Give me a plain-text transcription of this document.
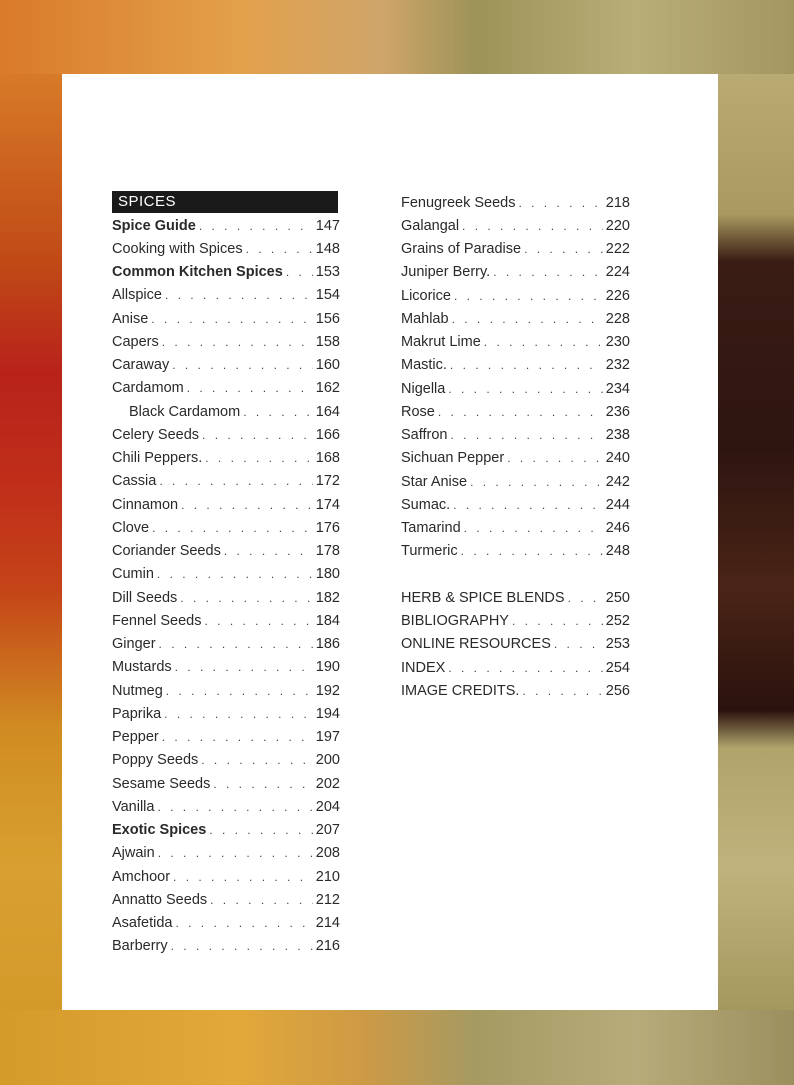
SPICES
Spice Guide . . .	147
Cooking with Spices . . .	148
Common Kitchen Spices . . . 153
Allspice . . .	154
Anise . . .	156
Capers . . .	158
Caraway . . .	160
Cardamom . . .	162
Black Cardamom . . .	164
Celery Seeds . . .	166
Chili Peppers. . . .	168
Cassia . . .	172
Cinnamon . . .	174
Clove . . .	176
Coriander Seeds . . .	178
Cumin . . .	180
Dill Seeds . . .	182
Fennel Seeds . . .	184
Ginger . . .	186
Mustards . . .	190
Nutmeg . . .	192
Paprika . . .	194
Pepper . . .	197
Poppy Seeds . . .	200
Sesame Seeds . . .	202
Vanilla . . .	204
Exotic Spices . . .	207
Ajwain . . .	208
Amchoor . . .	210
Annatto Seeds . . .	212
Asafetida . . .	214
Barberry . . .	216
Fenugreek Seeds . . .	218
Galangal . . .	220
Grains of Paradise . . .	222
Juniper Berry. . . .	224
Licorice . . .	226
Mahlab . . .	228
Makrut Lime . . .	230
Mastic. . . .	232
Nigella . . .	234
Rose . . .	236
Saffron . . .	238
Sichuan Pepper . . .	240
Star Anise . . .	242
Sumac. . . .	244
Tamarind . . .	246
Turmeric . . .	248
HERB & SPICE BLENDS . . .	250
BIBLIOGRAPHY . . .	252
ONLINE RESOURCES . . .	253
INDEX . . .	254
IMAGE CREDITS. . . .	256
